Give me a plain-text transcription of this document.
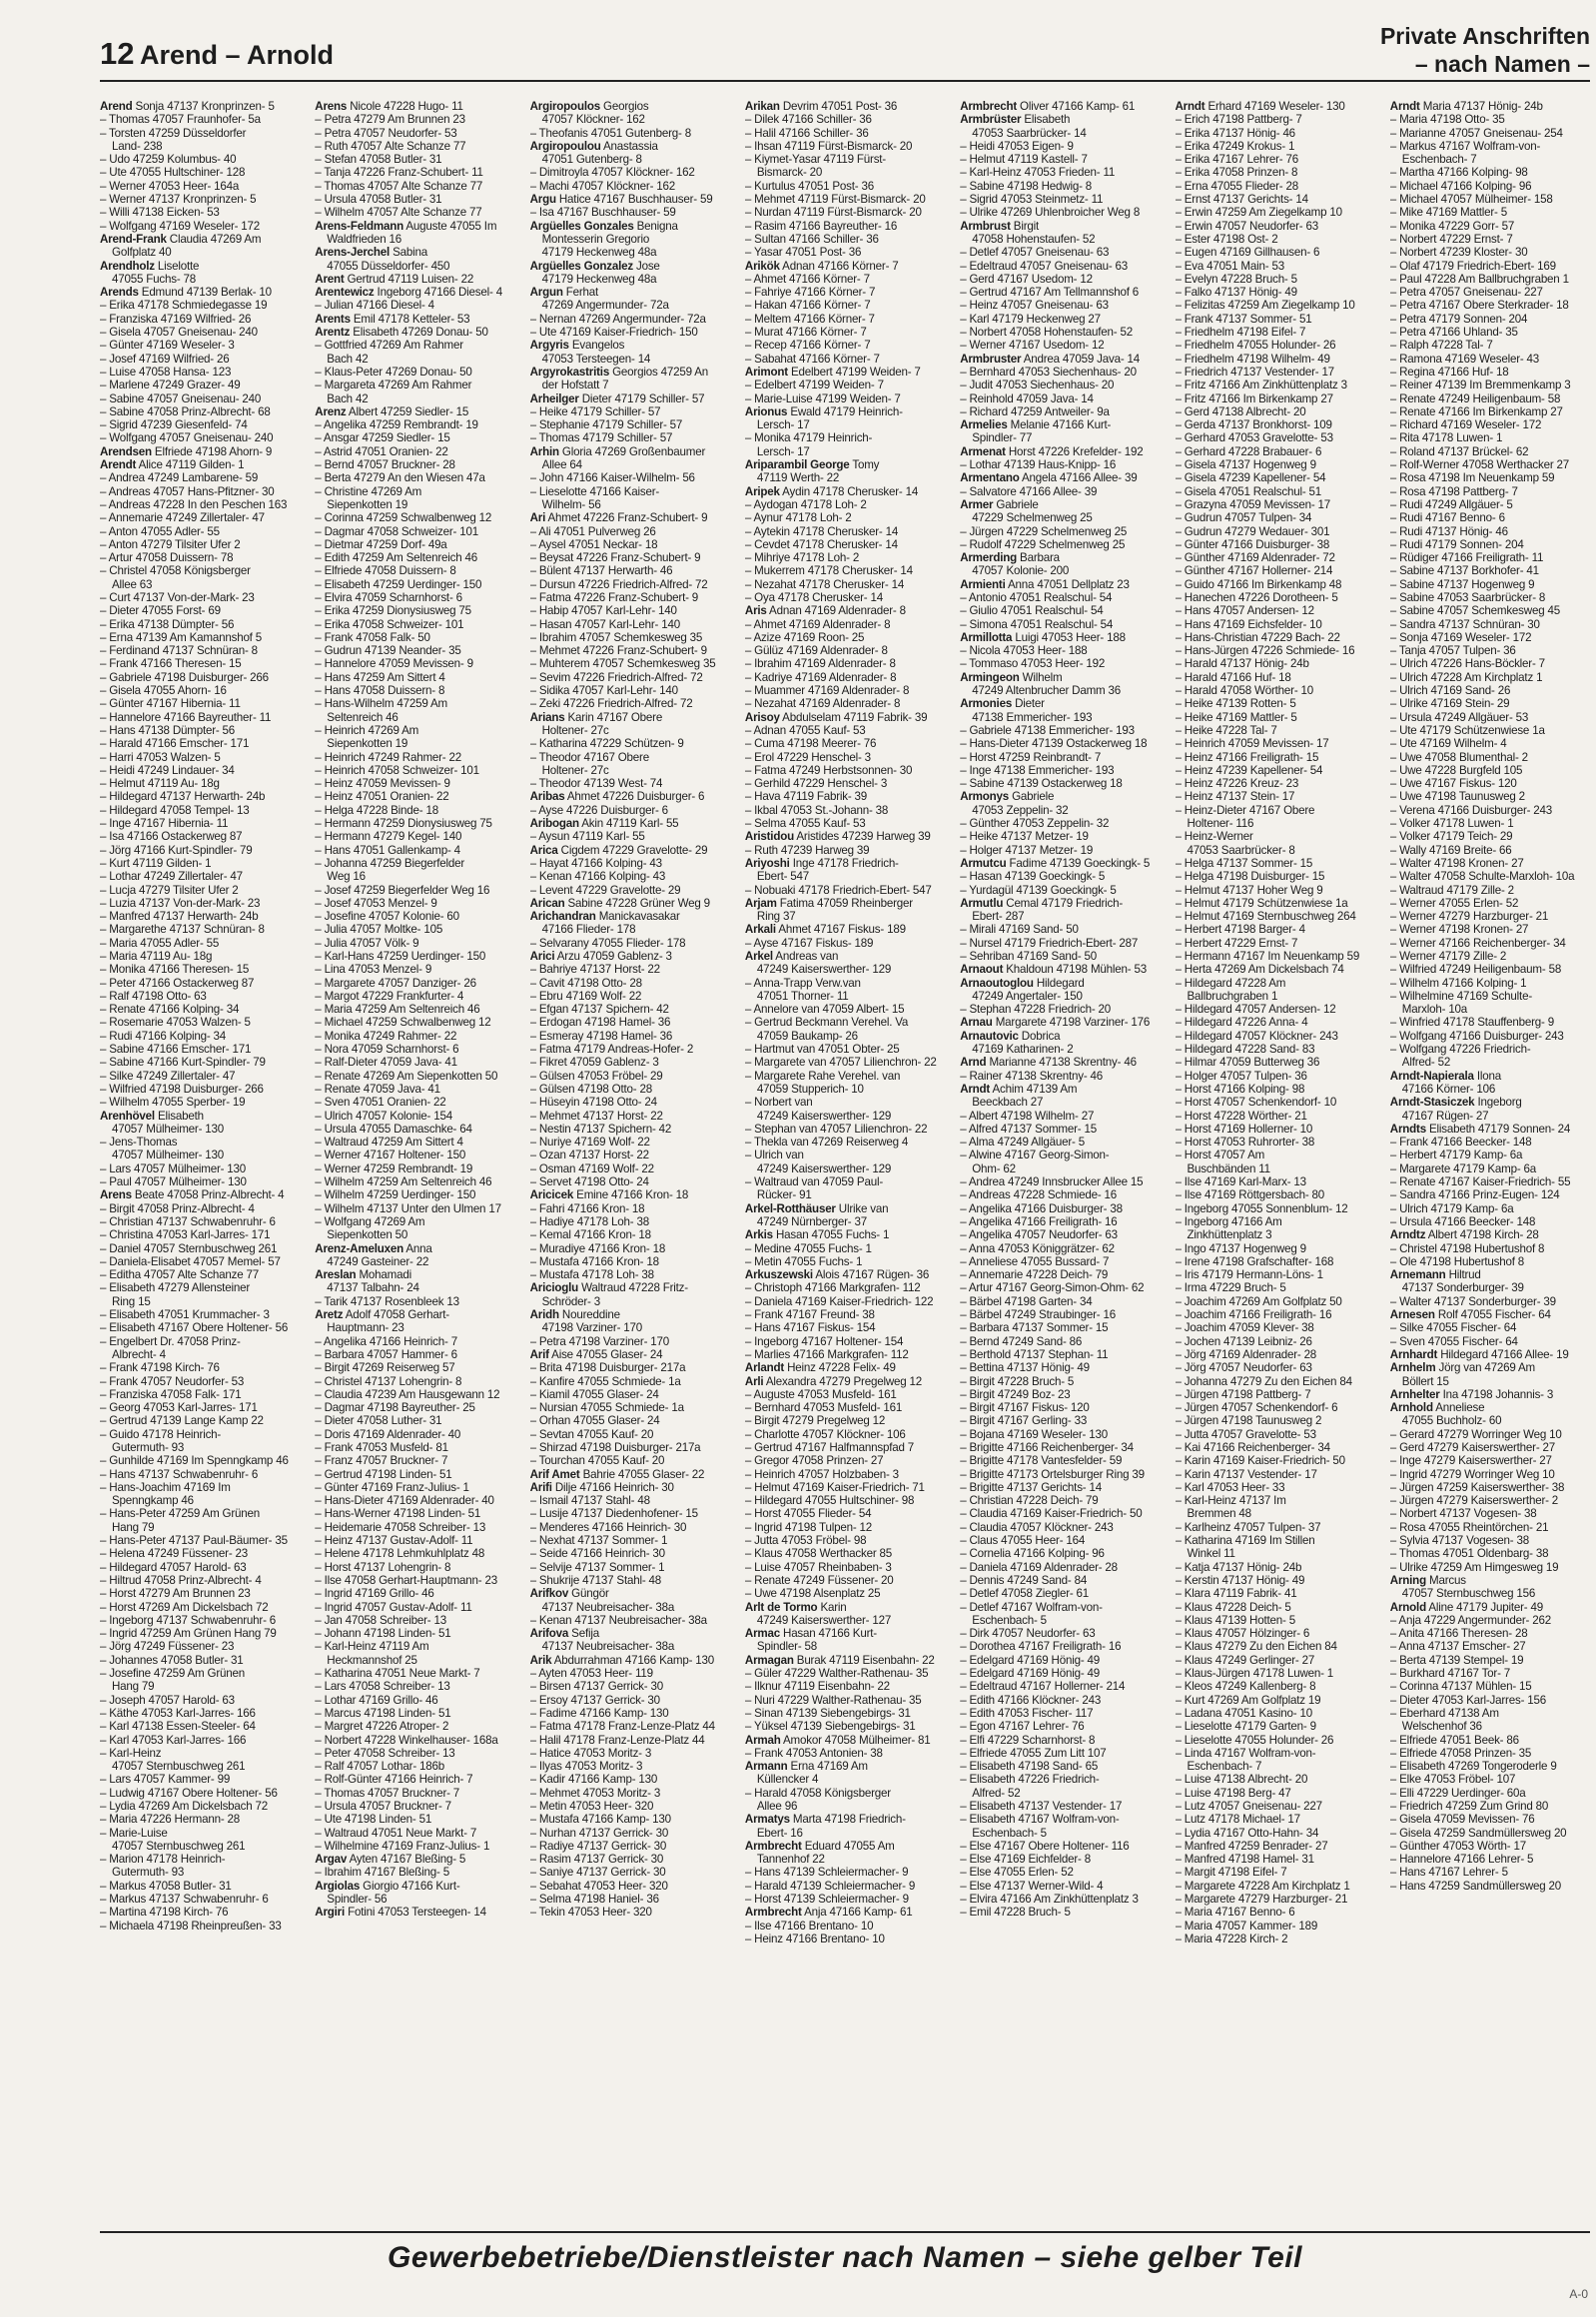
12 Arend – Arnold
Private Anschriften
– nach Namen –
Arend Sonja 47137 Kronprinzen- 5
– Thomas 47057 Fraunhofer- 5a
– Torsten 47259 Düsseldorfer
Land- 238
– Udo 47259 Kolumbus- 40
– Ute 47055 Hultschiner- 128
– Werner 47053 Heer- 164a
– Werner 47137 Kronprinzen- 5
– Willi 47138 Eicken- 53
– Wolfgang 47169 Weseler- 172
Arend-Frank Claudia 47269 Am
Golfplatz 40
Arendholz Liselotte
47055 Fuchs- 78
Arends Edmund 47139 Berlak- 10
– Erika 47178 Schmiedegasse 19
– Franziska 47169 Wilfried- 26
– Gisela 47057 Gneisenau- 240
– Günter 47169 Weseler- 3
– Josef 47169 Wilfried- 26
– Luise 47058 Hansa- 123
– Marlene 47249 Grazer- 49
– Sabine 47057 Gneisenau- 240
– Sabine 47058 Prinz-Albrecht- 68
– Sigrid 47239 Giesenfeld- 74
– Wolfgang 47057 Gneisenau- 240
Arendsen Elfriede 47198 Ahorn- 9
Arendt Alice 47119 Gilden- 1
– Andrea 47249 Lambarene- 59
– Andreas 47057 Hans-Pfitzner- 30
– Andreas 47228 In den Peschen 163
– Annemarie 47249 Zillertaler- 47
– Anton 47055 Adler- 55
– Anton 47279 Tilsiter Ufer 2
– Artur 47058 Duissern- 78
– Christel 47058 Königsberger
Allee 63
– Curt 47137 Von-der-Mark- 23
– Dieter 47055 Forst- 69
– Erika 47138 Dümpter- 56
– Erna 47139 Am Kamannshof 5
– Ferdinand 47137 Schnüran- 8
– Frank 47166 Theresen- 15
– Gabriele 47198 Duisburger- 266
– Gisela 47055 Ahorn- 16
– Günter 47167 Hibernia- 11
– Hannelore 47166 Bayreuther- 11
– Hans 47138 Dümpter- 56
– Harald 47166 Emscher- 171
– Harri 47053 Walzen- 5
– Heidi 47249 Lindauer- 34
– Helmut 47119 Au- 18g
– Hildegard 47137 Herwarth- 24b
– Hildegard 47058 Tempel- 13
– Inge 47167 Hibernia- 11
– Isa 47166 Ostackerweg 87
– Jörg 47166 Kurt-Spindler- 79
– Kurt 47119 Gilden- 1
– Lothar 47249 Zillertaler- 47
– Lucja 47279 Tilsiter Ufer 2
– Luzia 47137 Von-der-Mark- 23
– Manfred 47137 Herwarth- 24b
– Margarethe 47137 Schnüran- 8
– Maria 47055 Adler- 55
– Maria 47119 Au- 18g
– Monika 47166 Theresen- 15
– Peter 47166 Ostackerweg 87
– Ralf 47198 Otto- 63
– Renate 47166 Kolping- 34
– Rosemarie 47053 Walzen- 5
– Rudi 47166 Kolping- 34
– Sabine 47166 Emscher- 171
– Sabine 47166 Kurt-Spindler- 79
– Silke 47249 Zillertaler- 47
– Wilfried 47198 Duisburger- 266
– Wilhelm 47055 Sperber- 19
Arenhövel Elisabeth
47057 Mülheimer- 130
– Jens-Thomas
47057 Mülheimer- 130
– Lars 47057 Mülheimer- 130
– Paul 47057 Mülheimer- 130
Arens Beate 47058 Prinz-Albrecht- 4
– Birgit 47058 Prinz-Albrecht- 4
– Christian 47137 Schwabenruhr- 6
– Christina 47053 Karl-Jarres- 171
– Daniel 47057 Sternbuschweg 261
– Daniela-Elisabet 47057 Memel- 57
– Editha 47057 Alte Schanze 77
– Elisabeth 47279 Allensteiner
Ring 15
– Elisabeth 47051 Krummacher- 3
– Elisabeth 47167 Obere Holtener- 56
– Engelbert Dr. 47058 Prinz-
Albrecht- 4
– Frank 47198 Kirch- 76
– Frank 47057 Neudorfer- 53
– Franziska 47058 Falk- 171
– Georg 47053 Karl-Jarres- 171
– Gertrud 47139 Lange Kamp 22
– Guido 47178 Heinrich-
Gutermuth- 93
– Gunhilde 47169 Im Spenngkamp 46
– Hans 47137 Schwabenruhr- 6
– Hans-Joachim 47169 Im
Spenngkamp 46
– Hans-Peter 47259 Am Grünen
Hang 79
– Hans-Peter 47137 Paul-Bäumer- 35
– Helena 47249 Füssener- 23
– Hildegard 47057 Harold- 63
– Hiltrud 47058 Prinz-Albrecht- 4
– Horst 47279 Am Brunnen 23
– Horst 47269 Am Dickelsbach 72
– Ingeborg 47137 Schwabenruhr- 6
– Ingrid 47259 Am Grünen Hang 79
– Jörg 47249 Füssener- 23
– Johannes 47058 Butler- 31
– Josefine 47259 Am Grünen
Hang 79
– Joseph 47057 Harold- 63
– Käthe 47053 Karl-Jarres- 166
– Karl 47138 Essen-Steeler- 64
– Karl 47053 Karl-Jarres- 166
– Karl-Heinz
47057 Sternbuschweg 261
– Lars 47057 Kammer- 99
– Ludwig 47167 Obere Holtener- 56
– Lydia 47269 Am Dickelsbach 72
– Maria 47226 Hermann- 28
– Marie-Luise
47057 Sternbuschweg 261
– Marion 47178 Heinrich-
Gutermuth- 93
– Markus 47058 Butler- 31
– Markus 47137 Schwabenruhr- 6
– Martina 47198 Kirch- 76
– Michaela 47198 Rheinpreußen- 33
Arens Nicole 47228 Hugo- 11
– Petra 47279 Am Brunnen 23
– Petra 47057 Neudorfer- 53
– Ruth 47057 Alte Schanze 77
– Stefan 47058 Butler- 31
– Tanja 47226 Franz-Schubert- 11
– Thomas 47057 Alte Schanze 77
– Ursula 47058 Butler- 31
– Wilhelm 47057 Alte Schanze 77
Arens-Feldmann Auguste 47055 Im
Waldfrieden 16
Arens-Jerchel Sabina
47055 Düsseldorfer- 450
Arent Gertrud 47119 Luisen- 22
Arentewicz Ingeborg 47166 Diesel- 4
– Julian 47166 Diesel- 4
Arents Emil 47178 Ketteler- 53
Arentz Elisabeth 47269 Donau- 50
– Gottfried 47269 Am Rahmer
Bach 42
– Klaus-Peter 47269 Donau- 50
– Margareta 47269 Am Rahmer
Bach 42
Arenz Albert 47259 Siedler- 15
– Angelika 47259 Rembrandt- 19
– Ansgar 47259 Siedler- 15
– Astrid 47051 Oranien- 22
– Bernd 47057 Bruckner- 28
– Berta 47279 An den Wiesen 47a
– Christine 47269 Am
Siepenkotten 19
– Corinna 47259 Schwalbenweg 12
– Dagmar 47058 Schweizer- 101
– Dietmar 47259 Dorf- 49a
– Edith 47259 Am Seltenreich 46
– Elfriede 47058 Duissern- 8
– Elisabeth 47259 Uerdinger- 150
– Elvira 47059 Scharnhorst- 6
– Erika 47259 Dionysiusweg 75
– Erika 47058 Schweizer- 101
– Frank 47058 Falk- 50
– Gudrun 47139 Neander- 35
– Hannelore 47059 Mevissen- 9
– Hans 47259 Am Sittert 4
– Hans 47058 Duissern- 8
– Hans-Wilhelm 47259 Am
Seltenreich 46
– Heinrich 47269 Am
Siepenkotten 19
– Heinrich 47249 Rahmer- 22
– Heinrich 47058 Schweizer- 101
– Heinz 47059 Mevissen- 9
– Heinz 47051 Oranien- 22
– Helga 47228 Binde- 18
– Hermann 47259 Dionysiusweg 75
– Hermann 47279 Kegel- 140
– Hans 47051 Gallenkamp- 4
– Johanna 47259 Biegerfelder
Weg 16
– Josef 47259 Biegerfelder Weg 16
– Josef 47053 Menzel- 9
– Josefine 47057 Kolonie- 60
– Julia 47057 Moltke- 105
– Julia 47057 Völk- 9
– Karl-Hans 47259 Uerdinger- 150
– Lina 47053 Menzel- 9
– Margarete 47057 Danziger- 26
– Margot 47229 Frankfurter- 4
– Maria 47259 Am Seltenreich 46
– Michael 47259 Schwalbenweg 12
– Monika 47249 Rahmer- 22
– Nora 47059 Scharnhorst- 6
– Ralf-Dieter 47059 Java- 41
– Renate 47269 Am Siepenkotten 50
– Renate 47059 Java- 41
– Sven 47051 Oranien- 22
– Ulrich 47057 Kolonie- 154
– Ursula 47055 Damaschke- 64
– Waltraud 47259 Am Sittert 4
– Werner 47167 Holtener- 150
– Werner 47259 Rembrandt- 19
– Wilhelm 47259 Am Seltenreich 46
– Wilhelm 47259 Uerdinger- 150
– Wilhelm 47137 Unter den Ulmen 17
– Wolfgang 47269 Am
Siepenkotten 50
Arenz-Ameluxen Anna
47249 Gasteiner- 22
Areslan Mohamadi
47137 Talbahn- 24
– Tarik 47137 Rosenbleek 13
Aretz Adolf 47058 Gerhart-
Hauptmann- 23
– Angelika 47166 Heinrich- 7
– Barbara 47057 Hammer- 6
– Birgit 47269 Reiserweg 57
– Christel 47137 Lohengrin- 8
– Claudia 47239 Am Hausgewann 12
– Dagmar 47198 Bayreuther- 25
– Dieter 47058 Luther- 31
– Doris 47169 Aldenrader- 40
– Frank 47053 Musfeld- 81
– Franz 47057 Bruckner- 7
– Gertrud 47198 Linden- 51
– Günter 47169 Franz-Julius- 1
– Hans-Dieter 47169 Aldenrader- 40
– Hans-Werner 47198 Linden- 51
– Heidemarie 47058 Schreiber- 13
– Heinz 47137 Gustav-Adolf- 11
– Helene 47178 Lehmkuhlplatz 48
– Horst 47137 Lohengrin- 8
– Ilse 47058 Gerhart-Hauptmann- 23
– Ingrid 47169 Grillo- 46
– Ingrid 47057 Gustav-Adolf- 11
– Jan 47058 Schreiber- 13
– Johann 47198 Linden- 51
– Karl-Heinz 47119 Am
Heckmannshof 25
– Katharina 47051 Neue Markt- 7
– Lars 47058 Schreiber- 13
– Lothar 47169 Grillo- 46
– Marcus 47198 Linden- 51
– Margret 47226 Atroper- 2
– Norbert 47228 Winkelhauser- 168a
– Peter 47058 Schreiber- 13
– Ralf 47057 Lothar- 186b
– Rolf-Günter 47166 Heinrich- 7
– Thomas 47057 Bruckner- 7
– Ursula 47057 Bruckner- 7
– Ute 47198 Linden- 51
– Waltraud 47051 Neue Markt- 7
– Wilhelmine 47169 Franz-Julius- 1
Argav Ayten 47167 Bleßing- 5
– Ibrahim 47167 Bleßing- 5
Argiolas Giorgio 47166 Kurt-
Spindler- 56
Argiri Fotini 47053 Tersteegen- 14
Argiropoulos Georgios
47057 Klöckner- 162
– Theofanis 47051 Gutenberg- 8
Argiropoulou Anastassia
47051 Gutenberg- 8
– Dimitroyla 47057 Klöckner- 162
– Machi 47057 Klöckner- 162
Argu Hatice 47167 Buschhauser- 59
– Isa 47167 Buschhauser- 59
Argüelles Gonzales Benigna
Montesserin Gregorio
47179 Heckenweg 48a
Argüelles Gonzalez Jose
47179 Heckenweg 48a
Argun Ferhat
47269 Angermunder- 72a
– Nernan 47269 Angermunder- 72a
– Ute 47169 Kaiser-Friedrich- 150
Argyris Evangelos
47053 Tersteegen- 14
Argyrokastritis Georgios 47259 An
der Hofstatt 7
Arheilger Dieter 47179 Schiller- 57
– Heike 47179 Schiller- 57
– Stephanie 47179 Schiller- 57
– Thomas 47179 Schiller- 57
Arhin Gloria 47269 Großenbaumer
Allee 64
– John 47166 Kaiser-Wilhelm- 56
– Lieselotte 47166 Kaiser-
Wilhelm- 56
Ari Ahmet 47226 Franz-Schubert- 9
– Ali 47051 Pulverweg 26
– Aysel 47051 Neckar- 18
– Beysat 47226 Franz-Schubert- 9
– Bülent 47137 Herwarth- 46
– Dursun 47226 Friedrich-Alfred- 72
– Fatma 47226 Franz-Schubert- 9
– Habip 47057 Karl-Lehr- 140
– Hasan 47057 Karl-Lehr- 140
– Ibrahim 47057 Schemkesweg 35
– Mehmet 47226 Franz-Schubert- 9
– Muhterem 47057 Schemkesweg 35
– Sevim 47226 Friedrich-Alfred- 72
– Sidika 47057 Karl-Lehr- 140
– Zeki 47226 Friedrich-Alfred- 72
Arians Karin 47167 Obere
Holtener- 27c
– Katharina 47229 Schützen- 9
– Theodor 47167 Obere
Holtener- 27c
– Theodor 47139 West- 74
Aribas Ahmet 47226 Duisburger- 6
– Ayse 47226 Duisburger- 6
Aribogan Akin 47119 Karl- 55
– Aysun 47119 Karl- 55
Arica Cigdem 47229 Gravelotte- 29
– Hayat 47166 Kolping- 43
– Kenan 47166 Kolping- 43
– Levent 47229 Gravelotte- 29
Arican Sabine 47228 Grüner Weg 9
Arichandran Manickavasakar
47166 Flieder- 178
– Selvarany 47055 Flieder- 178
Arici Arzu 47059 Gablenz- 3
– Bahriye 47137 Horst- 22
– Cavit 47198 Otto- 28
– Ebru 47169 Wolf- 22
– Efgan 47137 Spichern- 42
– Erdogan 47198 Hamel- 36
– Esmeray 47198 Hamel- 36
– Fatma 47179 Andreas-Hofer- 2
– Fikret 47059 Gablenz- 3
– Gülsen 47053 Fröbel- 29
– Gülsen 47198 Otto- 28
– Hüseyin 47198 Otto- 24
– Mehmet 47137 Horst- 22
– Nestin 47137 Spichern- 42
– Nuriye 47169 Wolf- 22
– Ozan 47137 Horst- 22
– Osman 47169 Wolf- 22
– Servet 47198 Otto- 24
Aricicek Emine 47166 Kron- 18
– Fahri 47166 Kron- 18
– Hadiye 47178 Loh- 38
– Kemal 47166 Kron- 18
– Muradiye 47166 Kron- 18
– Mustafa 47166 Kron- 18
– Mustafa 47178 Loh- 38
Aricioglu Waltraud 47228 Fritz-
Schröder- 3
Aridh Noureddine
47198 Varziner- 170
– Petra 47198 Varziner- 170
Arif Aise 47055 Glaser- 24
– Brita 47198 Duisburger- 217a
– Kanfire 47055 Schmiede- 1a
– Kiamil 47055 Glaser- 24
– Nursian 47055 Schmiede- 1a
– Orhan 47055 Glaser- 24
– Sevtan 47055 Kauf- 20
– Shirzad 47198 Duisburger- 217a
– Tourchan 47055 Kauf- 20
Arif Amet Bahrie 47055 Glaser- 22
Arifi Dilje 47166 Heinrich- 30
– Ismail 47137 Stahl- 48
– Lusije 47137 Diedenhofener- 15
– Menderes 47166 Heinrich- 30
– Nexhat 47137 Sommer- 1
– Seide 47166 Heinrich- 30
– Selvije 47137 Sommer- 1
– Shukrije 47137 Stahl- 48
Arifkov Güngör
47137 Neubreisacher- 38a
– Kenan 47137 Neubreisacher- 38a
Arifova Sefija
47137 Neubreisacher- 38a
Arik Abdurrahman 47166 Kamp- 130
– Ayten 47053 Heer- 119
– Birsen 47137 Gerrick- 30
– Ersoy 47137 Gerrick- 30
– Fadime 47166 Kamp- 130
– Fatma 47178 Franz-Lenze-Platz 44
– Halil 47178 Franz-Lenze-Platz 44
– Hatice 47053 Moritz- 3
– Ilyas 47053 Moritz- 3
– Kadir 47166 Kamp- 130
– Mehmet 47053 Moritz- 3
– Metin 47053 Heer- 320
– Mustafa 47166 Kamp- 130
– Nurhan 47137 Gerrick- 30
– Radiye 47137 Gerrick- 30
– Rasim 47137 Gerrick- 30
– Saniye 47137 Gerrick- 30
– Sebahat 47053 Heer- 320
– Selma 47198 Haniel- 36
– Tekin 47053 Heer- 320
Arikan Devrim 47051 Post- 36
– Dilek 47166 Schiller- 36
– Halil 47166 Schiller- 36
– Ihsan 47119 Fürst-Bismarck- 20
– Kiymet-Yasar 47119 Fürst-
Bismarck- 20
– Kurtulus 47051 Post- 36
– Mehmet 47119 Fürst-Bismarck- 20
– Nurdan 47119 Fürst-Bismarck- 20
– Rasim 47166 Bayreuther- 16
– Sultan 47166 Schiller- 36
– Yasar 47051 Post- 36
Arikök Adnan 47166 Körner- 7
– Ahmet 47166 Körner- 7
– Fahriye 47166 Körner- 7
– Hakan 47166 Körner- 7
– Meltem 47166 Körner- 7
– Murat 47166 Körner- 7
– Recep 47166 Körner- 7
– Sabahat 47166 Körner- 7
Arimont Edelbert 47199 Weiden- 7
– Edelbert 47199 Weiden- 7
– Marie-Luise 47199 Weiden- 7
Arionus Ewald 47179 Heinrich-
Lersch- 17
– Monika 47179 Heinrich-
Lersch- 17
Ariparambil George Tomy
47119 Werth- 22
Aripek Aydin 47178 Cherusker- 14
– Aydogan 47178 Loh- 2
– Aynur 47178 Loh- 2
– Aytekin 47178 Cherusker- 14
– Cevdet 47178 Cherusker- 14
– Mihriye 47178 Loh- 2
– Mukerrem 47178 Cherusker- 14
– Nezahat 47178 Cherusker- 14
– Oya 47178 Cherusker- 14
Aris Adnan 47169 Aldenrader- 8
– Ahmet 47169 Aldenrader- 8
– Azize 47169 Roon- 25
– Gülüz 47169 Aldenrader- 8
– Ibrahim 47169 Aldenrader- 8
– Kadriye 47169 Aldenrader- 8
– Muammer 47169 Aldenrader- 8
– Nezahat 47169 Aldenrader- 8
Arisoy Abdulselam 47119 Fabrik- 39
– Adnan 47055 Kauf- 53
– Cuma 47198 Meerer- 76
– Erol 47229 Henschel- 3
– Fatma 47249 Herbstsonnen- 30
– Gerhild 47229 Henschel- 3
– Hava 47119 Fabrik- 39
– Ikbal 47053 St.-Johann- 38
– Selma 47055 Kauf- 53
Aristidou Aristides 47239 Harweg 39
– Ruth 47239 Harweg 39
Ariyoshi Inge 47178 Friedrich-
Ebert- 547
– Nobuaki 47178 Friedrich-Ebert- 547
Arjam Fatima 47059 Rheinberger
Ring 37
Arkali Ahmet 47167 Fiskus- 189
– Ayse 47167 Fiskus- 189
Arkel Andreas van
47249 Kaiserswerther- 129
– Anna-Trapp Verw.van
47051 Thorner- 11
– Annelore van 47059 Albert- 15
– Gertrud Beckmann Verehel. Va
47059 Baukamp- 26
– Hartmut van 47051 Obter- 25
– Margarete van 47057 Lilienchron- 22
– Margarete Rahe Verehel. van
47059 Stupperich- 10
– Norbert van
47249 Kaiserswerther- 129
– Stephan van 47057 Lilienchron- 22
– Thekla van 47269 Reiserweg 4
– Ulrich van
47249 Kaiserswerther- 129
– Waltraud van 47059 Paul-
Rücker- 91
Arkel-Rotthäuser Ulrike van
47249 Nürnberger- 37
Arkis Hasan 47055 Fuchs- 1
– Medine 47055 Fuchs- 1
– Metin 47055 Fuchs- 1
Arkuszewski Alois 47167 Rügen- 36
– Christoph 47166 Markgrafen- 112
– Daniela 47169 Kaiser-Friedrich- 122
– Frank 47167 Freund- 38
– Hans 47167 Fiskus- 154
– Ingeborg 47167 Holtener- 154
– Marlies 47166 Markgrafen- 112
Arlandt Heinz 47228 Felix- 49
Arli Alexandra 47279 Pregelweg 12
– Auguste 47053 Musfeld- 161
– Bernhard 47053 Musfeld- 161
– Birgit 47279 Pregelweg 12
– Charlotte 47057 Klöckner- 106
– Gertrud 47167 Halfmannspfad 7
– Gregor 47058 Prinzen- 27
– Heinrich 47057 Holzbaben- 3
– Helmut 47169 Kaiser-Friedrich- 71
– Hildegard 47055 Hultschiner- 98
– Horst 47055 Flieder- 54
– Ingrid 47198 Tulpen- 12
– Jutta 47053 Fröbel- 98
– Klaus 47058 Werthacker 85
– Luise 47057 Rheinbaben- 3
– Renate 47249 Füssener- 20
– Uwe 47198 Alsenplatz 25
Arlt de Tormo Karin
47249 Kaiserswerther- 127
Armac Hasan 47166 Kurt-
Spindler- 58
Armagan Burak 47119 Eisenbahn- 22
– Güler 47229 Walther-Rathenau- 35
– Ilknur 47119 Eisenbahn- 22
– Nuri 47229 Walther-Rathenau- 35
– Sinan 47139 Siebengebirgs- 31
– Yüksel 47139 Siebengebirgs- 31
Armah Amokor 47058 Mülheimer- 81
– Frank 47053 Antonien- 38
Armann Erna 47169 Am
Küllencker 4
– Harald 47058 Königsberger
Allee 96
Armatys Marta 47198 Friedrich-
Ebert- 16
Armbrecht Eduard 47055 Am
Tannenhof 22
– Hans 47139 Schleiermacher- 9
– Harald 47139 Schleiermacher- 9
– Horst 47139 Schleiermacher- 9
Armbrecht Anja 47166 Kamp- 61
– Ilse 47166 Brentano- 10
– Heinz 47166 Brentano- 10
Armbrecht Oliver 47166 Kamp- 61
Armbrüster Elisabeth
47053 Saarbrücker- 14
– Heidi 47053 Eigen- 9
– Helmut 47119 Kastell- 7
– Karl-Heinz 47053 Frieden- 11
– Sabine 47198 Hedwig- 8
– Sigrid 47053 Steinmetz- 11
– Ulrike 47269 Uhlenbroicher Weg 8
Armbrust Birgit
47058 Hohenstaufen- 52
– Detlef 47057 Gneisenau- 63
– Edeltraud 47057 Gneisenau- 63
– Gerd 47167 Usedom- 12
– Gertrud 47167 Am Tellmannshof 6
– Heinz 47057 Gneisenau- 63
– Karl 47179 Heckenweg 27
– Norbert 47058 Hohenstaufen- 52
– Werner 47167 Usedom- 12
Armbruster Andrea 47059 Java- 14
– Bernhard 47053 Siechenhaus- 20
– Judit 47053 Siechenhaus- 20
– Reinhold 47059 Java- 14
– Richard 47259 Antweiler- 9a
Armelies Melanie 47166 Kurt-
Spindler- 77
Armenat Horst 47226 Krefelder- 192
– Lothar 47139 Haus-Knipp- 16
Armentano Angela 47166 Allee- 39
– Salvatore 47166 Allee- 39
Armer Gabriele
47229 Schelmenweg 25
– Jürgen 47229 Schelmenweg 25
– Rudolf 47229 Schelmenweg 25
Armerding Barbara
47057 Kolonie- 200
Armienti Anna 47051 Dellplatz 23
– Antonio 47051 Realschul- 54
– Giulio 47051 Realschul- 54
– Simona 47051 Realschul- 54
Armillotta Luigi 47053 Heer- 188
– Nicola 47053 Heer- 188
– Tommaso 47053 Heer- 192
Armingeon Wilhelm
47249 Altenbrucher Damm 36
Armonies Dieter
47138 Emmericher- 193
– Gabriele 47138 Emmericher- 193
– Hans-Dieter 47139 Ostackerweg 18
– Horst 47259 Reinbrandt- 7
– Inge 47138 Emmericher- 193
– Sabine 47139 Ostackerweg 18
Armonys Gabriele
47053 Zeppelin- 32
– Günther 47053 Zeppelin- 32
– Heike 47137 Metzer- 19
– Holger 47137 Metzer- 19
Armutcu Fadime 47139 Goeckingk- 5
– Hasan 47139 Goeckingk- 5
– Yurdagül 47139 Goeckingk- 5
Armutlu Cemal 47179 Friedrich-
Ebert- 287
– Mirali 47169 Sand- 50
– Nursel 47179 Friedrich-Ebert- 287
– Sehriban 47169 Sand- 50
Arnaout Khaldoun 47198 Mühlen- 53
Arnaoutoglou Hildegard
47249 Angertaler- 150
– Stephan 47228 Friedrich- 20
Arnau Margarete 47198 Varziner- 176
Arnautovic Dobrica
47169 Katharinen- 2
Arnd Marianne 47138 Skrentny- 46
– Rainer 47138 Skrentny- 46
Arndt Achim 47139 Am
Beeckbach 27
– Albert 47198 Wilhelm- 27
– Alfred 47137 Sommer- 15
– Alma 47249 Allgäuer- 5
– Alwine 47167 Georg-Simon-
Ohm- 62
– Andrea 47249 Innsbrucker Allee 15
– Andreas 47228 Schmiede- 16
– Angelika 47166 Duisburger- 38
– Angelika 47166 Freiligrath- 16
– Angelika 47057 Neudorfer- 63
– Anna 47053 Königgrätzer- 62
– Anneliese 47055 Bussard- 7
– Annemarie 47228 Deich- 79
– Artur 47167 Georg-Simon-Ohm- 62
– Bärbel 47198 Garten- 34
– Bärbel 47249 Straubinger- 16
– Barbara 47137 Sommer- 15
– Bernd 47249 Sand- 86
– Berthold 47137 Stephan- 11
– Bettina 47137 Hönig- 49
– Birgit 47228 Bruch- 5
– Birgit 47249 Boz- 23
– Birgit 47167 Fiskus- 120
– Birgit 47167 Gerling- 33
– Bojana 47169 Weseler- 130
– Brigitte 47166 Reichenberger- 34
– Brigitte 47178 Vantesfelder- 59
– Brigitte 47173 Ortelsburger Ring 39
– Brigitte 47137 Gerichts- 14
– Christian 47228 Deich- 79
– Claudia 47169 Kaiser-Friedrich- 50
– Claudia 47057 Klöckner- 243
– Claus 47055 Heer- 164
– Cornelia 47166 Kolping- 96
– Daniela 47169 Aldenrader- 28
– Dennis 47249 Sand- 84
– Detlef 47058 Ziegler- 61
– Detlef 47167 Wolfram-von-
Eschenbach- 5
– Dirk 47057 Neudorfer- 63
– Dorothea 47167 Freiligrath- 16
– Edelgard 47169 Hönig- 49
– Edelgard 47169 Hönig- 49
– Edeltraud 47167 Hollerner- 214
– Edith 47166 Klöckner- 243
– Edith 47053 Fischer- 117
– Egon 47167 Lehrer- 76
– Elfi 47229 Scharnhorst- 8
– Elfriede 47055 Zum Litt 107
– Elisabeth 47198 Sand- 65
– Elisabeth 47226 Friedrich-
Alfred- 52
– Elisabeth 47137 Vestender- 17
– Elisabeth 47167 Wolfram-von-
Eschenbach- 5
– Else 47167 Obere Holtener- 116
– Else 47169 Eichfelder- 8
– Else 47055 Erlen- 52
– Else 47137 Werner-Wild- 4
– Elvira 47166 Am Zinkhüttenplatz 3
– Emil 47228 Bruch- 5
Arndt Erhard 47169 Weseler- 130
– Erich 47198 Pattberg- 7
– Erika 47137 Hönig- 46
– Erika 47249 Krokus- 1
– Erika 47167 Lehrer- 76
– Erika 47058 Prinzen- 8
– Erna 47055 Flieder- 28
– Ernst 47137 Gerichts- 14
– Erwin 47259 Am Ziegelkamp 10
– Erwin 47057 Neudorfer- 63
– Ester 47198 Ost- 2
– Eugen 47169 Gillhausen- 6
– Eva 47051 Main- 53
– Evelyn 47228 Bruch- 5
– Falko 47137 Hönig- 49
– Felizitas 47259 Am Ziegelkamp 10
– Frank 47137 Sommer- 51
– Friedhelm 47198 Eifel- 7
– Friedhelm 47055 Holunder- 26
– Friedhelm 47198 Wilhelm- 49
– Friedrich 47137 Vestender- 17
– Fritz 47166 Am Zinkhüttenplatz 3
– Fritz 47166 Im Birkenkamp 27
– Gerd 47138 Albrecht- 20
– Gerda 47137 Bronkhorst- 109
– Gerhard 47053 Gravelotte- 53
– Gerhard 47228 Brabauer- 6
– Gisela 47137 Hogenweg 9
– Gisela 47239 Kapellener- 54
– Gisela 47051 Realschul- 51
– Grazyna 47059 Mevissen- 17
– Gudrun 47057 Tulpen- 34
– Gudrun 47279 Wedauer- 301
– Günter 47166 Duisburger- 38
– Günther 47169 Aldenrader- 72
– Günther 47167 Hollerner- 214
– Guido 47166 Im Birkenkamp 48
– Hanechen 47226 Dorotheen- 5
– Hans 47057 Andersen- 12
– Hans 47169 Eichsfelder- 10
– Hans-Christian 47229 Bach- 22
– Hans-Jürgen 47226 Schmiede- 16
– Harald 47137 Hönig- 24b
– Harald 47166 Huf- 18
– Harald 47058 Wörther- 10
– Heike 47139 Rotten- 5
– Heike 47169 Mattler- 5
– Heike 47228 Tal- 7
– Heinrich 47059 Mevissen- 17
– Heinz 47166 Freiligrath- 15
– Heinz 47239 Kapellener- 54
– Heinz 47226 Kreuz- 23
– Heinz 47137 Stein- 17
– Heinz-Dieter 47167 Obere
Holtener- 116
– Heinz-Werner
47053 Saarbrücker- 8
– Helga 47137 Sommer- 15
– Helga 47198 Duisburger- 15
– Helmut 47137 Hoher Weg 9
– Helmut 47179 Schützenwiese 1a
– Helmut 47169 Sternbuschweg 264
– Herbert 47198 Barger- 4
– Herbert 47229 Ernst- 7
– Hermann 47167 Im Neuenkamp 59
– Herta 47269 Am Dickelsbach 74
– Hildegard 47228 Am
Ballbruchgraben 1
– Hildegard 47057 Andersen- 12
– Hildegard 47226 Anna- 4
– Hildegard 47057 Klöckner- 243
– Hildegard 47228 Sand- 83
– Hilmar 47059 Butterweg 36
– Holger 47057 Tulpen- 36
– Horst 47166 Kolping- 98
– Horst 47057 Schenkendorf- 10
– Horst 47228 Wörther- 21
– Horst 47169 Hollerner- 10
– Horst 47053 Ruhrorter- 38
– Horst 47057 Am
Buschbänden 11
– Ilse 47169 Karl-Marx- 13
– Ilse 47169 Röttgersbach- 80
– Ingeborg 47055 Sonnenblum- 12
– Ingeborg 47166 Am
Zinkhüttenplatz 3
– Ingo 47137 Hogenweg 9
– Irene 47198 Grafschafter- 168
– Iris 47179 Hermann-Löns- 1
– Irma 47229 Bruch- 5
– Joachim 47269 Am Golfplatz 50
– Joachim 47166 Freiligrath- 16
– Joachim 47059 Klever- 38
– Jochen 47139 Leibniz- 26
– Jörg 47169 Aldenrader- 28
– Jörg 47057 Neudorfer- 63
– Johanna 47279 Zu den Eichen 84
– Jürgen 47198 Pattberg- 7
– Jürgen 47057 Schenkendorf- 6
– Jürgen 47198 Taunusweg 2
– Jutta 47057 Gravelotte- 53
– Kai 47166 Reichenberger- 34
– Karin 47169 Kaiser-Friedrich- 50
– Karin 47137 Vestender- 17
– Karl 47053 Heer- 33
– Karl-Heinz 47137 Im
Bremmen 48
– Karlheinz 47057 Tulpen- 37
– Katharina 47169 Im Stillen
Winkel 11
– Katja 47137 Hönig- 24b
– Kerstin 47137 Hönig- 49
– Klara 47119 Fabrik- 41
– Klaus 47228 Deich- 5
– Klaus 47139 Hotten- 5
– Klaus 47057 Hölzinger- 6
– Klaus 47279 Zu den Eichen 84
– Klaus 47249 Gerlinger- 27
– Klaus-Jürgen 47178 Luwen- 1
– Kleos 47249 Kallenberg- 8
– Kurt 47269 Am Golfplatz 19
– Ladana 47051 Kasino- 10
– Lieselotte 47179 Garten- 9
– Lieselotte 47055 Holunder- 26
– Linda 47167 Wolfram-von-
Eschenbach- 7
– Luise 47138 Albrecht- 20
– Luise 47198 Berg- 47
– Lutz 47057 Gneisenau- 227
– Lutz 47178 Michael- 17
– Lydia 47167 Otto-Hahn- 34
– Manfred 47259 Benrader- 27
– Manfred 47198 Hamel- 31
– Margit 47198 Eifel- 7
– Margarete 47228 Am Kirchplatz 1
– Margarete 47279 Harzburger- 21
– Maria 47167 Benno- 6
– Maria 47057 Kammer- 189
– Maria 47228 Kirch- 2
Arndt Maria 47137 Hönig- 24b
– Maria 47198 Otto- 35
– Marianne 47057 Gneisenau- 254
– Markus 47167 Wolfram-von-
Eschenbach- 7
– Martha 47166 Kolping- 98
– Michael 47166 Kolping- 96
– Michael 47057 Mülheimer- 158
– Mike 47169 Mattler- 5
– Monika 47229 Gorr- 57
– Norbert 47229 Ernst- 7
– Norbert 47239 Kloster- 30
– Olaf 47179 Friedrich-Ebert- 169
– Paul 47228 Am Ballbruchgraben 1
– Petra 47057 Gneisenau- 227
– Petra 47167 Obere Sterkrader- 18
– Petra 47179 Sonnen- 204
– Petra 47166 Uhland- 35
– Ralph 47228 Tal- 7
– Ramona 47169 Weseler- 43
– Regina 47166 Huf- 18
– Reiner 47139 Im Bremmenkamp 3
– Renate 47249 Heiligenbaum- 58
– Renate 47166 Im Birkenkamp 27
– Richard 47169 Weseler- 172
– Rita 47178 Luwen- 1
– Roland 47137 Brückel- 62
– Rolf-Werner 47058 Werthacker 27
– Rosa 47198 Im Neuenkamp 59
– Rosa 47198 Pattberg- 7
– Rudi 47249 Allgäuer- 5
– Rudi 47167 Benno- 6
– Rudi 47137 Hönig- 46
– Rudi 47179 Sonnen- 204
– Rüdiger 47166 Freiligrath- 11
– Sabine 47137 Borkhofer- 41
– Sabine 47137 Hogenweg 9
– Sabine 47053 Saarbrücker- 8
– Sabine 47057 Schemkesweg 45
– Sandra 47137 Schnüran- 30
– Sonja 47169 Weseler- 172
– Tanja 47057 Tulpen- 36
– Ulrich 47226 Hans-Böckler- 7
– Ulrich 47228 Am Kirchplatz 1
– Ulrich 47169 Sand- 26
– Ulrike 47169 Stein- 29
– Ursula 47249 Allgäuer- 53
– Ute 47179 Schützenwiese 1a
– Ute 47169 Wilhelm- 4
– Uwe 47058 Blumenthal- 2
– Uwe 47228 Burgfeld 105
– Uwe 47167 Fiskus- 120
– Uwe 47198 Taunusweg 2
– Verena 47166 Duisburger- 243
– Volker 47178 Luwen- 1
– Volker 47179 Teich- 29
– Wally 47169 Breite- 66
– Walter 47198 Kronen- 27
– Walter 47058 Schulte-Marxloh- 10a
– Waltraud 47179 Zille- 2
– Werner 47055 Erlen- 52
– Werner 47279 Harzburger- 21
– Werner 47198 Kronen- 27
– Werner 47166 Reichenberger- 34
– Werner 47179 Zille- 2
– Wilfried 47249 Heiligenbaum- 58
– Wilhelm 47166 Kolping- 1
– Wilhelmine 47169 Schulte-
Marxloh- 10a
– Winfried 47178 Stauffenberg- 9
– Wolfgang 47166 Duisburger- 243
– Wolfgang 47226 Friedrich-
Alfred- 52
Arndt-Napierala Ilona
47166 Körner- 106
Arndt-Stasiczek Ingeborg
47167 Rügen- 27
Arndts Elisabeth 47179 Sonnen- 24
– Frank 47166 Beecker- 148
– Herbert 47179 Kamp- 6a
– Margarete 47179 Kamp- 6a
– Renate 47167 Kaiser-Friedrich- 55
– Sandra 47166 Prinz-Eugen- 124
– Ulrich 47179 Kamp- 6a
– Ursula 47166 Beecker- 148
Arndtz Albert 47198 Kirch- 28
– Christel 47198 Hubertushof 8
– Ole 47198 Hubertushof 8
Arnemann Hiltrud
47137 Sonderburger- 39
– Walter 47137 Sonderburger- 39
Arnesen Rolf 47055 Fischer- 64
– Silke 47055 Fischer- 64
– Sven 47055 Fischer- 64
Arnhardt Hildegard 47166 Allee- 19
Arnhelm Jörg van 47269 Am
Böllert 15
Arnhelter Ina 47198 Johannis- 3
Arnhold Anneliese
47055 Buchholz- 60
– Gerard 47279 Worringer Weg 10
– Gerd 47279 Kaiserswerther- 27
– Inge 47279 Kaiserswerther- 27
– Ingrid 47279 Worringer Weg 10
– Jürgen 47259 Kaiserswerther- 38
– Jürgen 47279 Kaiserswerther- 2
– Norbert 47137 Vogesen- 38
– Rosa 47055 Rheintörchen- 21
– Sylvia 47137 Vogesen- 38
– Thomas 47051 Oldenbarg- 38
– Ulrike 47259 Am Himgesweg 19
Arning Marcus
47057 Sternbuschweg 156
Arnold Aline 47179 Jupiter- 49
– Anja 47229 Angermunder- 262
– Anita 47166 Theresen- 28
– Anna 47137 Emscher- 27
– Berta 47139 Stempel- 19
– Burkhard 47167 Tor- 7
– Corinna 47137 Mühlen- 15
– Dieter 47053 Karl-Jarres- 156
– Eberhard 47138 Am
Welschenhof 36
– Elfriede 47051 Beek- 86
– Elfriede 47058 Prinzen- 35
– Elisabeth 47269 Tongeroderle 9
– Elke 47053 Fröbel- 107
– Elli 47229 Uerdinger- 60a
– Friedrich 47259 Zum Grind 80
– Gisela 47059 Mevissen- 76
– Gisela 47259 Sandmüllersweg 20
– Günther 47053 Wörth- 17
– Hannelore 47166 Lehrer- 5
– Hans 47167 Lehrer- 5
– Hans 47259 Sandmüllersweg 20
Gewerbebetriebe/Dienstleister nach Namen – siehe gelber Teil
A-0
